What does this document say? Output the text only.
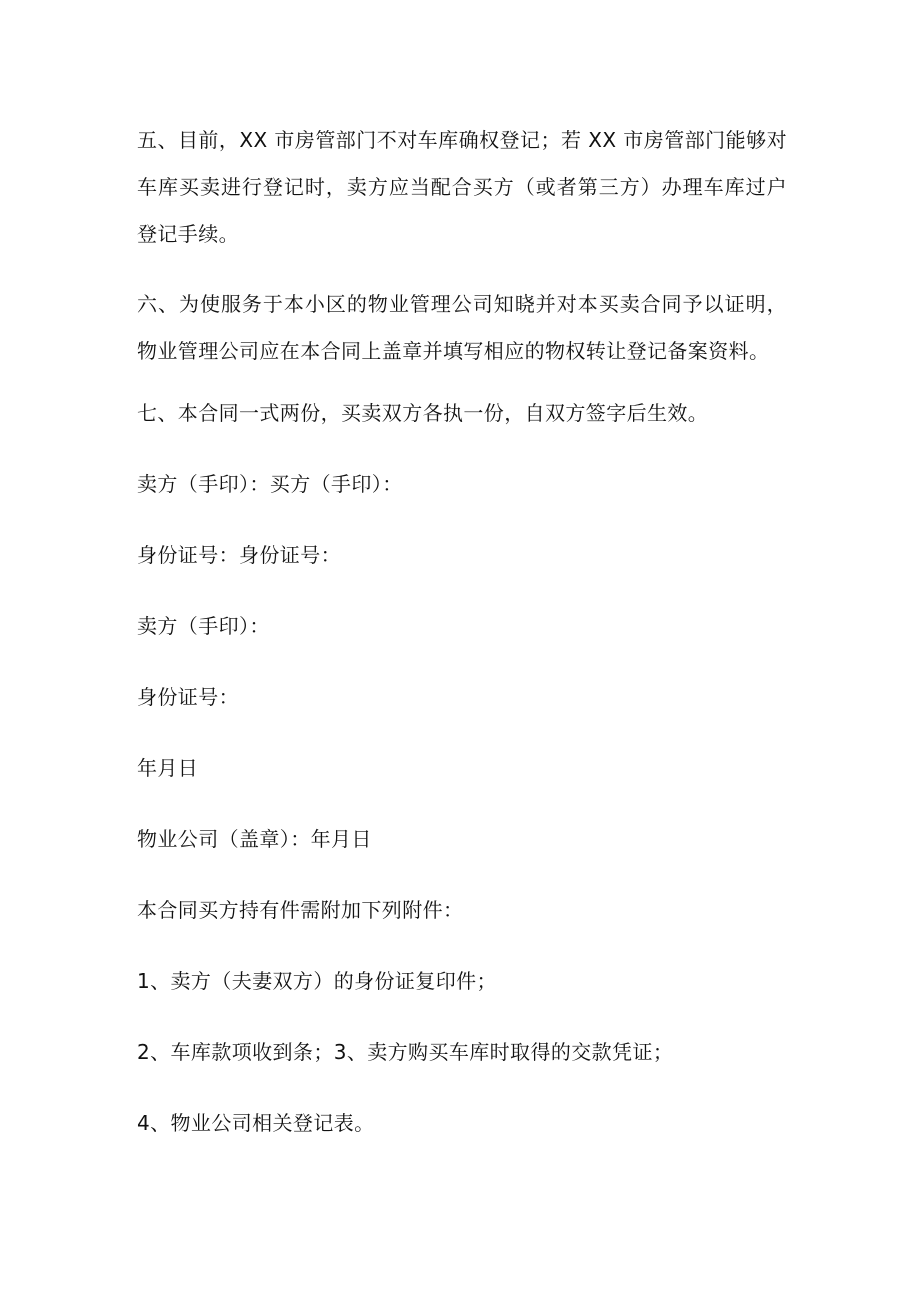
五、目前，XX 市房管部门不对车库确权登记；若 XX 市房管部门能够对车库买卖进行登记时，卖方应当配合买方（或者第三方）办理车库过户登记手续。

六、为使服务于本小区的物业管理公司知晓并对本买卖合同予以证明，物业管理公司应在本合同上盖章并填写相应的物权转让登记备案资料。

七、本合同一式两份，买卖双方各执一份，自双方签字后生效。

卖方（手印）：买方（手印）：

身份证号：身份证号：

卖方（手印）：

身份证号：

年月日

物业公司（盖章）：年月日

本合同买方持有件需附加下列附件：

1、卖方（夫妻双方）的身份证复印件；

2、车库款项收到条；3、卖方购买车库时取得的交款凭证；

4、物业公司相关登记表。
